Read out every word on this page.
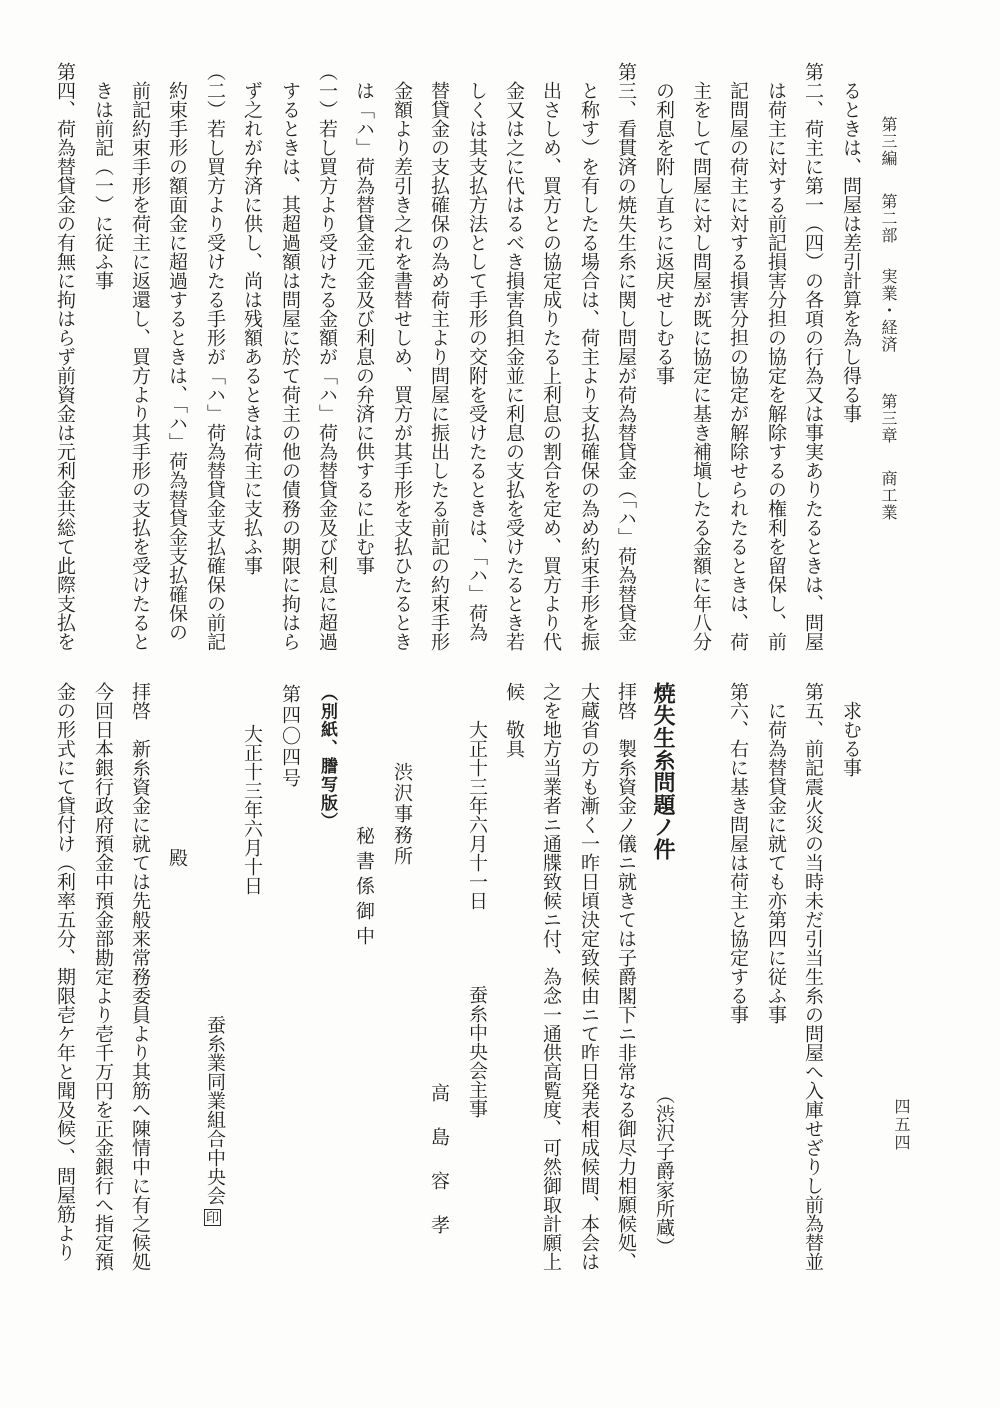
第三編
第二部
実業・経済
第三章
商工業
四五四

るときは、問屋は差引計算を為し得る事

第二、荷主に第一（四）の各項の行為又は事実ありたるときは、問屋

は荷主に対する前記損害分担の協定を解除するの権利を留保し、前

記問屋の荷主に対する損害分担の協定が解除せられたるときは、荷

主をして問屋に対し問屋が既に協定に基き補塡したる金額に年八分

の利息を附し直ちに返戻せしむる事

第三、看貫済の焼失生糸に関し問屋が荷為替貸金（「ハ」荷為替貸金

と称す）を有したる場合は、荷主より支払確保の為め約束手形を振

出さしめ、買方との協定成りたる上利息の割合を定め、買方より代

金又は之に代はるべき損害負担金並に利息の支払を受けたるとき若

しくは其支払方法として手形の交附を受けたるときは、「ハ」荷為

替貸金の支払確保の為め荷主より問屋に振出したる前記の約束手形

金額より差引き之れを書替せしめ、買方が其手形を支払ひたるとき

は「ハ」荷為替貸金元金及び利息の弁済に供するに止む事

（一）若し買方より受けたる金額が「ハ」荷為替貸金及び利息に超過

するときは、其超過額は問屋に於て荷主の他の債務の期限に拘はら

ず之れが弁済に供し、尚は残額あるときは荷主に支払ふ事

（二）若し買方より受けたる手形が「ハ」荷為替貸金支払確保の前記

約束手形の額面金に超過するときは、「ハ」荷為替貸金支払確保の

前記約束手形を荷主に返還し、買方より其手形の支払を受けたると

きは前記（一）に従ふ事

第四、荷為替貸金の有無に拘はらず前資金は元利金共総て此際支払を

求むる事

第五、前記震火災の当時未だ引当生糸の問屋へ入庫せざりし前為替並

に荷為替貸金に就ても亦第四に従ふ事

第六、右に基き問屋は荷主と協定する事

焼失生糸問題ノ件

（渋沢子爵家所蔵）

拝啓　製糸資金ノ儀ニ就きては子爵閣下ニ非常なる御尽力相願候処、

大蔵省の方も漸く一昨日頃決定致候由ニて昨日発表相成候間、本会は

之を地方当業者ニ通牒致候ニ付、為念一通供高覧度、可然御取計願上

候　敬具

大正十三年六月十一日

蚕糸中央会主事

高　島　容　孝

渋沢事務所

秘書係御中

（別紙、謄写版）

第四〇四号

大正十三年六月十日

蚕糸業同業組合中央会

印

殿

拝啓　新糸資金に就ては先般来常務委員より其筋へ陳情中に有之候処

今回日本銀行政府預金中預金部勘定より壱千万円を正金銀行へ指定預

金の形式にて貸付け（利率五分、期限壱ケ年と聞及候）、問屋筋より
